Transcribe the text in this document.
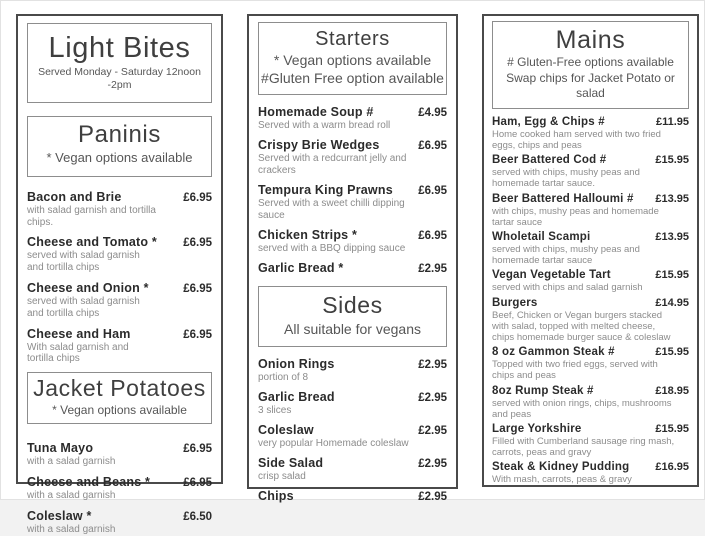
Light Bites
Served Monday - Saturday 12noon -2pm
Paninis
* Vegan options available
Bacon and Brie	£6.95
with salad garnish and tortilla chips.
Cheese and Tomato * £6.95
served with salad garnish and tortilla chips
Cheese and Onion *	£6.95
served with salad garnish and tortilla chips
Cheese and Ham	£6.95
With salad garnish and tortilla chips
Jacket Potatoes
* Vegan options available
Tuna Mayo	£6.95
with a salad garnish
Cheese and Beans *	£6.95
with a salad garnish
Coleslaw *	£6.50
with a salad garnish
Starters
* Vegan options available
#Gluten Free option available
Homemade Soup #	£4.95
Served with a warm bread roll
Crispy Brie Wedges	£6.95
Served with a redcurrant jelly and crackers
Tempura King Prawns £6.95
Served with a sweet chilli dipping sauce
Chicken Strips *	£6.95
served with a BBQ dipping sauce
Garlic Bread *	£2.95
Sides
All suitable for vegans
Onion Rings	£2.95
portion of 8
Garlic Bread	£2.95
3 slices
Coleslaw	£2.95
very popular Homemade coleslaw
Side Salad	£2.95
crisp salad
Chips	£2.95
Mains
# Gluten-Free options available
Swap chips for Jacket Potato or salad
Ham, Egg & Chips #	£11.95
Home cooked ham served with two fried eggs, chips and peas
Beer Battered Cod #	£15.95
served with chips, mushy peas and homemade tartar sauce.
Beer Battered Halloumi # £13.95
with chips, mushy peas and homemade tartar sauce
Wholetail Scampi	£13.95
served with chips, mushy peas and homemade tartar sauce
Vegan Vegetable Tart	£15.95
served with chips and salad garnish
Burgers	£14.95
Beef, Chicken or Vegan burgers stacked with salad, topped with melted cheese, chips homemade burger sauce & coleslaw
8 oz Gammon Steak #	£15.95
Topped with two fried eggs, served with chips and peas
8oz Rump Steak #	£18.95
served with onion rings, chips, mushrooms and peas
Large Yorkshire	£15.95
Filled with Cumberland sausage ring mash, carrots, peas and gravy
Steak & Kidney Pudding £16.95
With mash, carrots, peas & gravy
